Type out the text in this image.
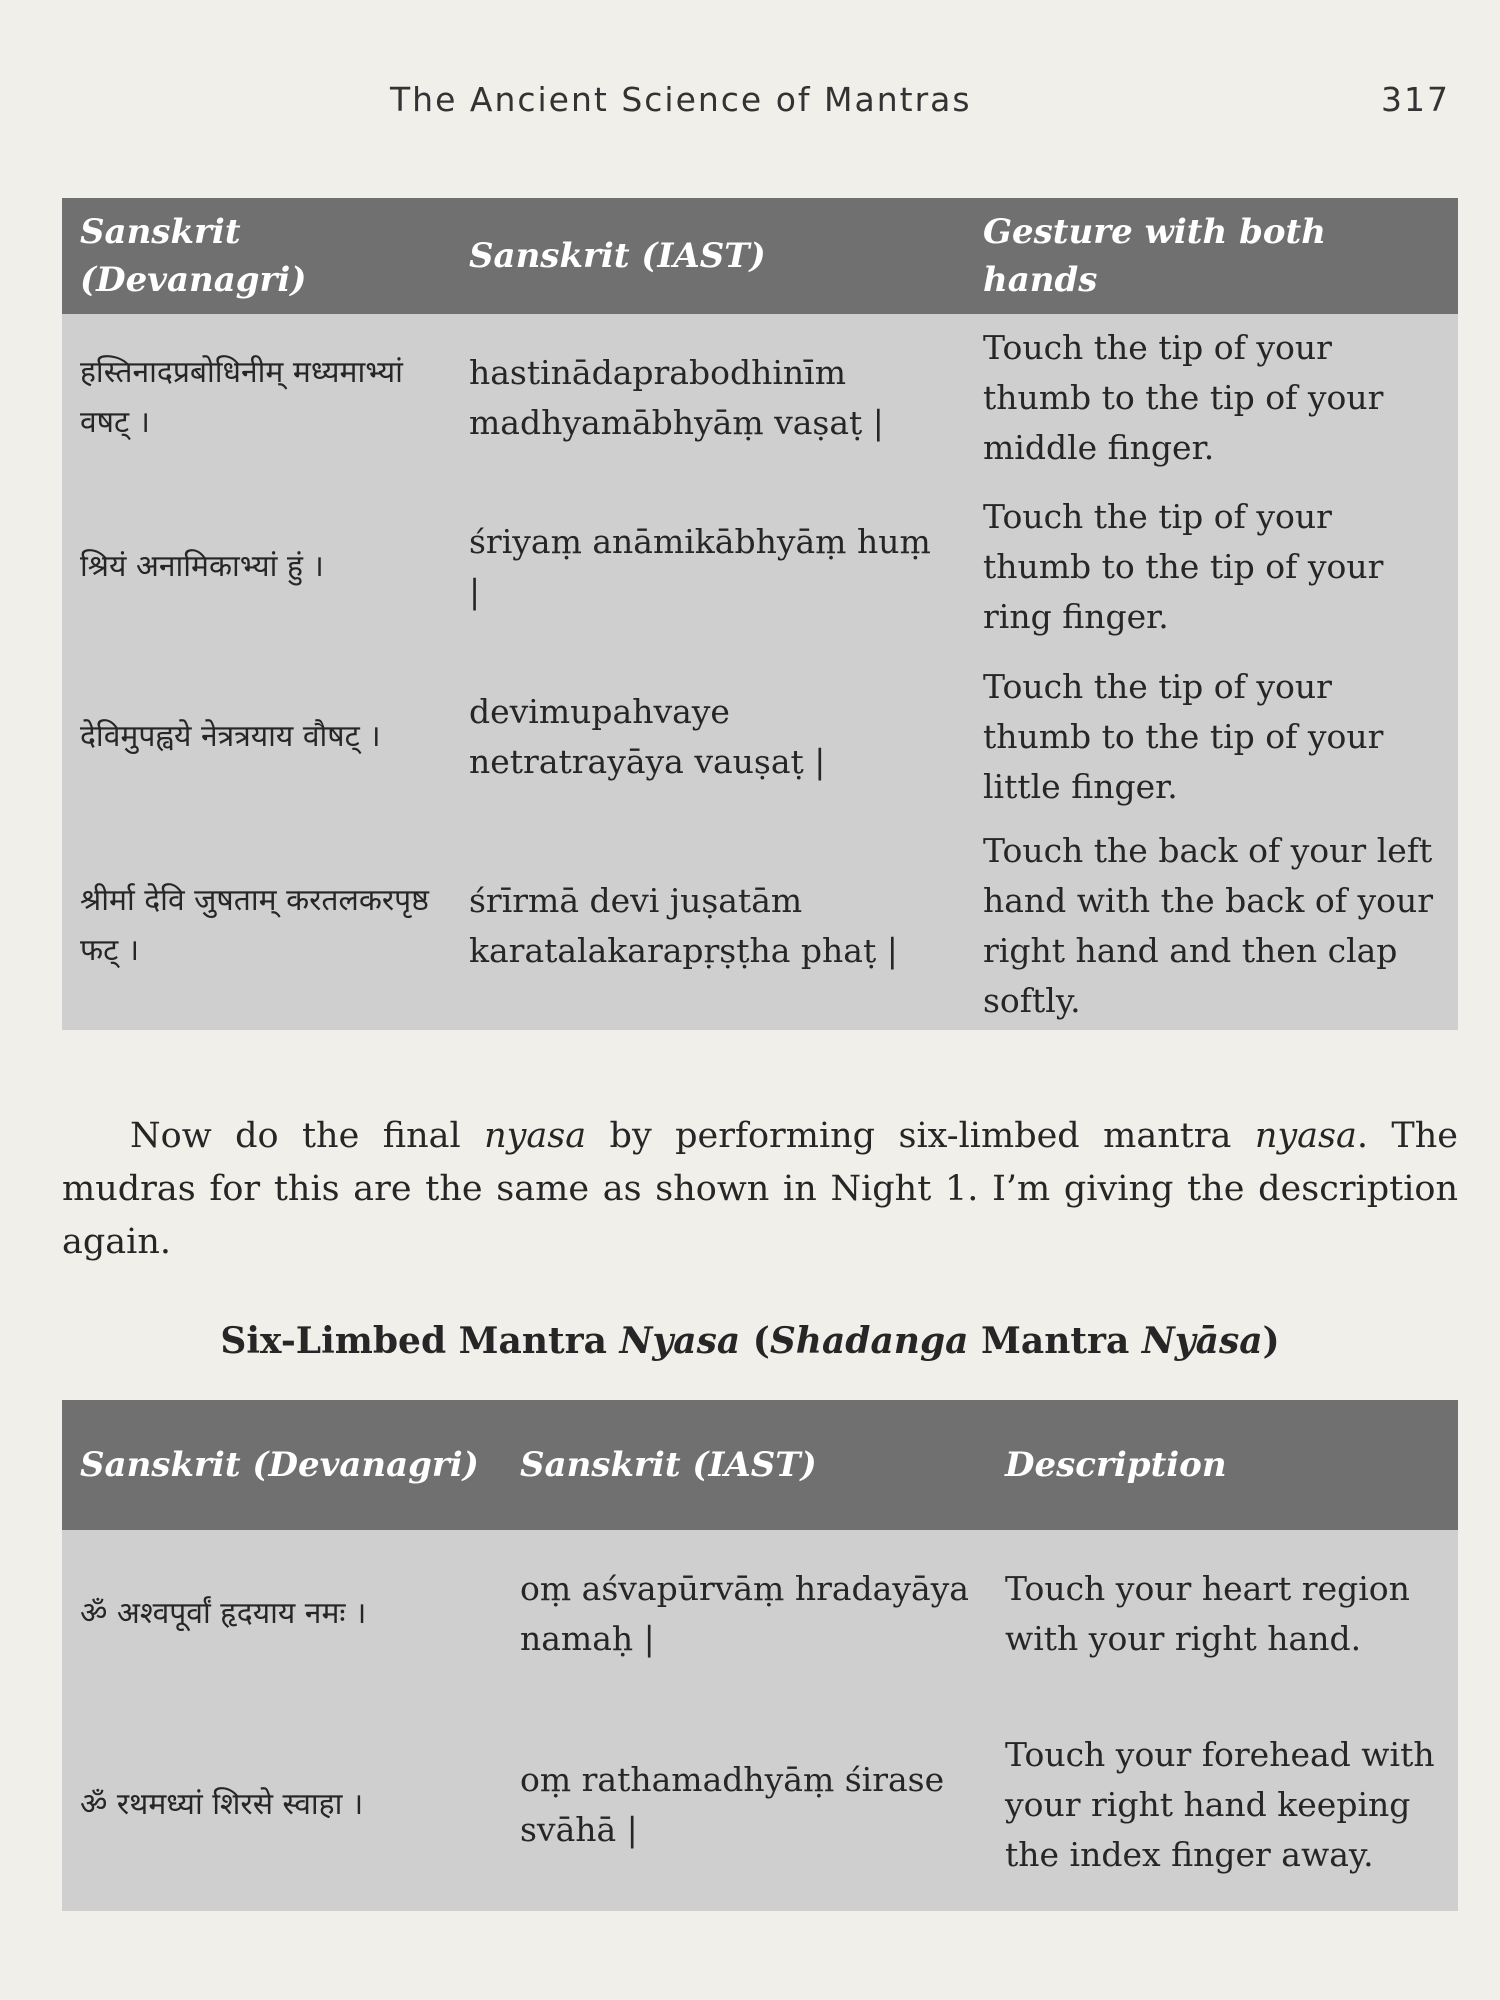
The Ancient Science of Mantras	317
Sanskrit (Devanagri)	Sanskrit (IAST)	Gesture with both hands
हस्तिनादप्रबोधिनीम् मध्यमाभ्यां वषट् ।	hastinādaprabodhinīm madhyamābhyāṃ vaṣaṭ |	Touch the tip of your thumb to the tip of your middle finger.
श्रियं अनामिकाभ्यां हुं ।	śriyaṃ anāmikābhyāṃ huṃ |	Touch the tip of your thumb to the tip of your ring finger.
देविमुपह्वये नेत्रत्रयाय वौषट् ।	devimupahvaye netratrayāya vauṣaṭ |	Touch the tip of your thumb to the tip of your little finger.
श्रीर्मा देवि जुषताम् करतलकरपृष्ठ फट् ।	śrīrmā devi juṣatām karatalakarapṛṣṭha phaṭ |	Touch the back of your left hand with the back of your right hand and then clap softly.

Now do the final nyasa by performing six-limbed mantra nyasa. The mudras for this are the same as shown in Night 1. I’m giving the description again.

Six-Limbed Mantra Nyasa (Shadanga Mantra Nyāsa)
Sanskrit (Devanagri)	Sanskrit (IAST)	Description
ॐ अश्वपूर्वां हृदयाय नमः ।	oṃ aśvapūrvāṃ hradayāya namaḥ |	Touch your heart region with your right hand.
ॐ रथमध्यां शिरसे स्वाहा ।	oṃ rathamadhyāṃ śirase svāhā |	Touch your forehead with your right hand keeping the index finger away.
